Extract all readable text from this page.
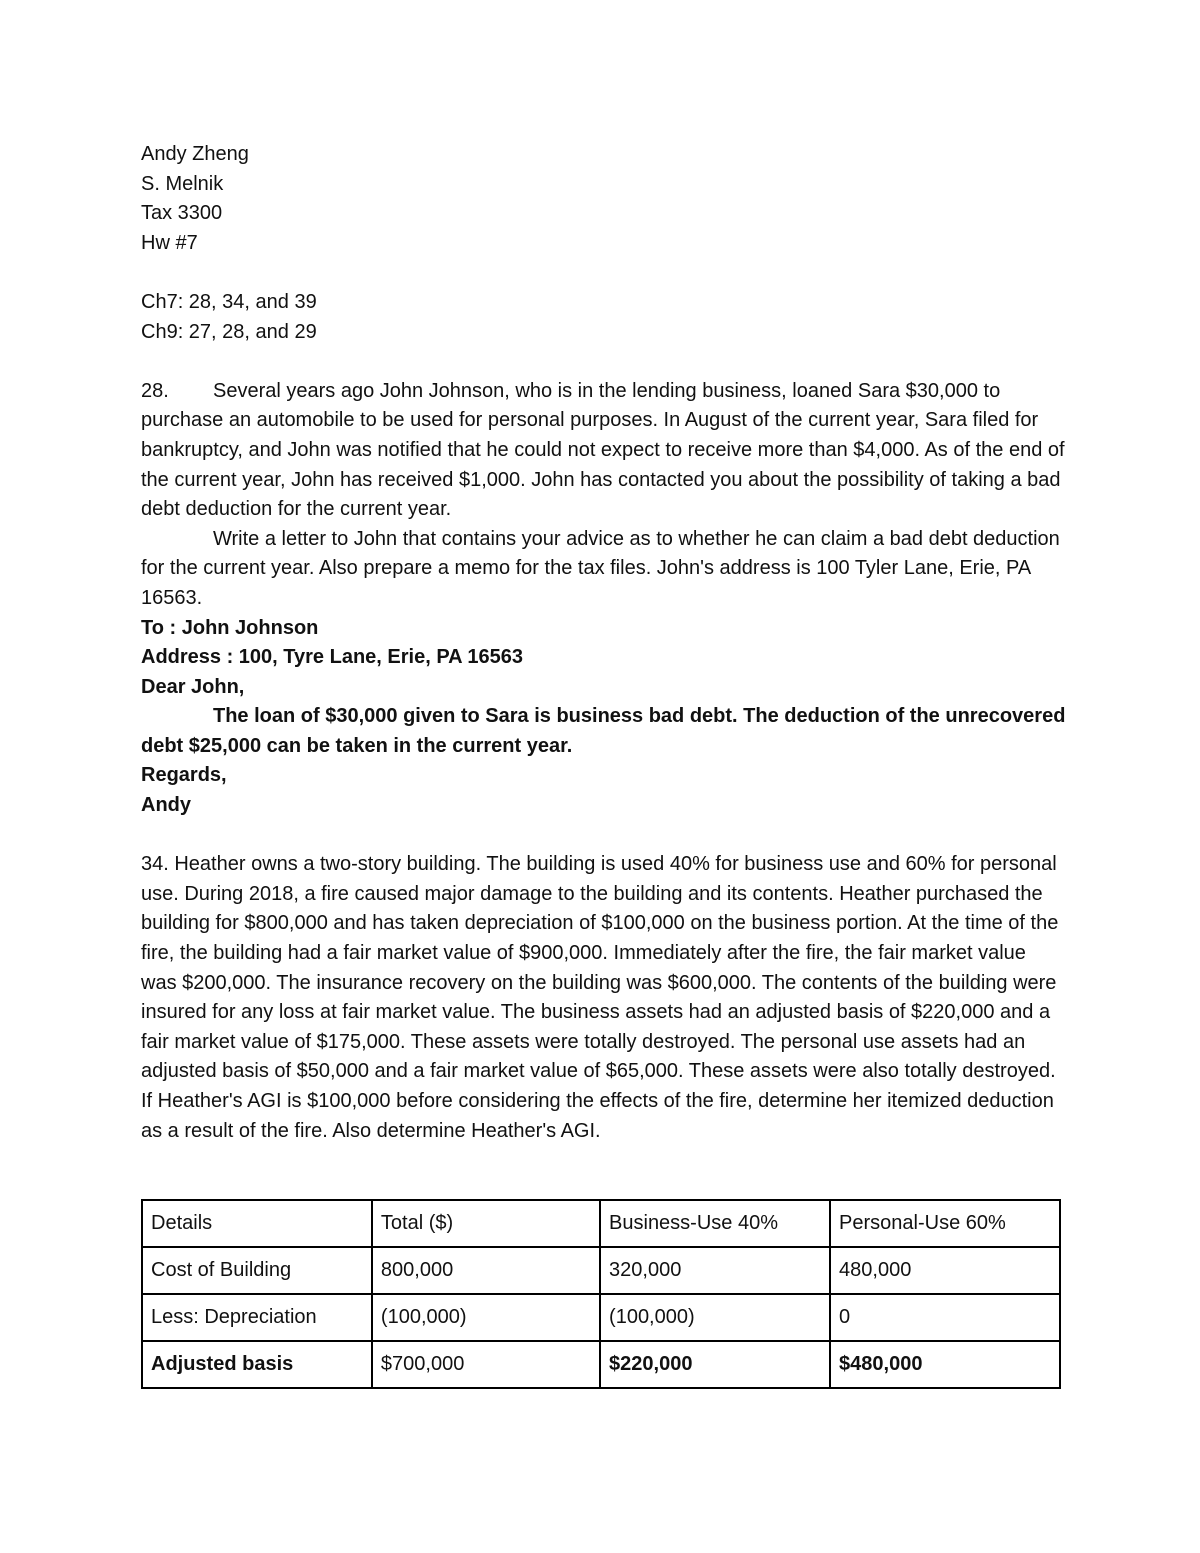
Andy Zheng
S. Melnik
Tax 3300
Hw #7
Ch7: 28, 34, and 39
Ch9: 27, 28, and 29

28. Several years ago John Johnson, who is in the lending business, loaned Sara $30,000 to purchase an automobile to be used for personal purposes. In August of the current year, Sara filed for bankruptcy, and John was notified that he could not expect to receive more than $4,000. As of the end of the current year, John has received $1,000. John has contacted you about the possibility of taking a bad debt deduction for the current year.

Write a letter to John that contains your advice as to whether he can claim a bad debt deduction for the current year. Also prepare a memo for the tax files. John's address is 100 Tyler Lane, Erie, PA 16563.

To : John Johnson
Address : 100, Tyre Lane, Erie, PA 16563
Dear John,

The loan of $30,000 given to Sara is business bad debt. The deduction of the unrecovered debt $25,000 can be taken in the current year.

Regards,
Andy

34. Heather owns a two-story building. The building is used 40% for business use and 60% for personal use. During 2018, a fire caused major damage to the building and its contents. Heather purchased the building for $800,000 and has taken depreciation of $100,000 on the business portion. At the time of the fire, the building had a fair market value of $900,000. Immediately after the fire, the fair market value was $200,000. The insurance recovery on the building was $600,000. The contents of the building were insured for any loss at fair market value. The business assets had an adjusted basis of $220,000 and a fair market value of $175,000. These assets were totally destroyed. The personal use assets had an adjusted basis of $50,000 and a fair market value of $65,000. These assets were also totally destroyed. If Heather's AGI is $100,000 before considering the effects of the fire, determine her itemized deduction as a result of the fire. Also determine Heather's AGI.

Details	Total ($)	Business-Use 40%	Personal-Use 60%
Cost of Building	800,000	320,000	480,000
Less: Depreciation	(100,000)	(100,000)	0
Adjusted basis	$700,000	$220,000	$480,000
